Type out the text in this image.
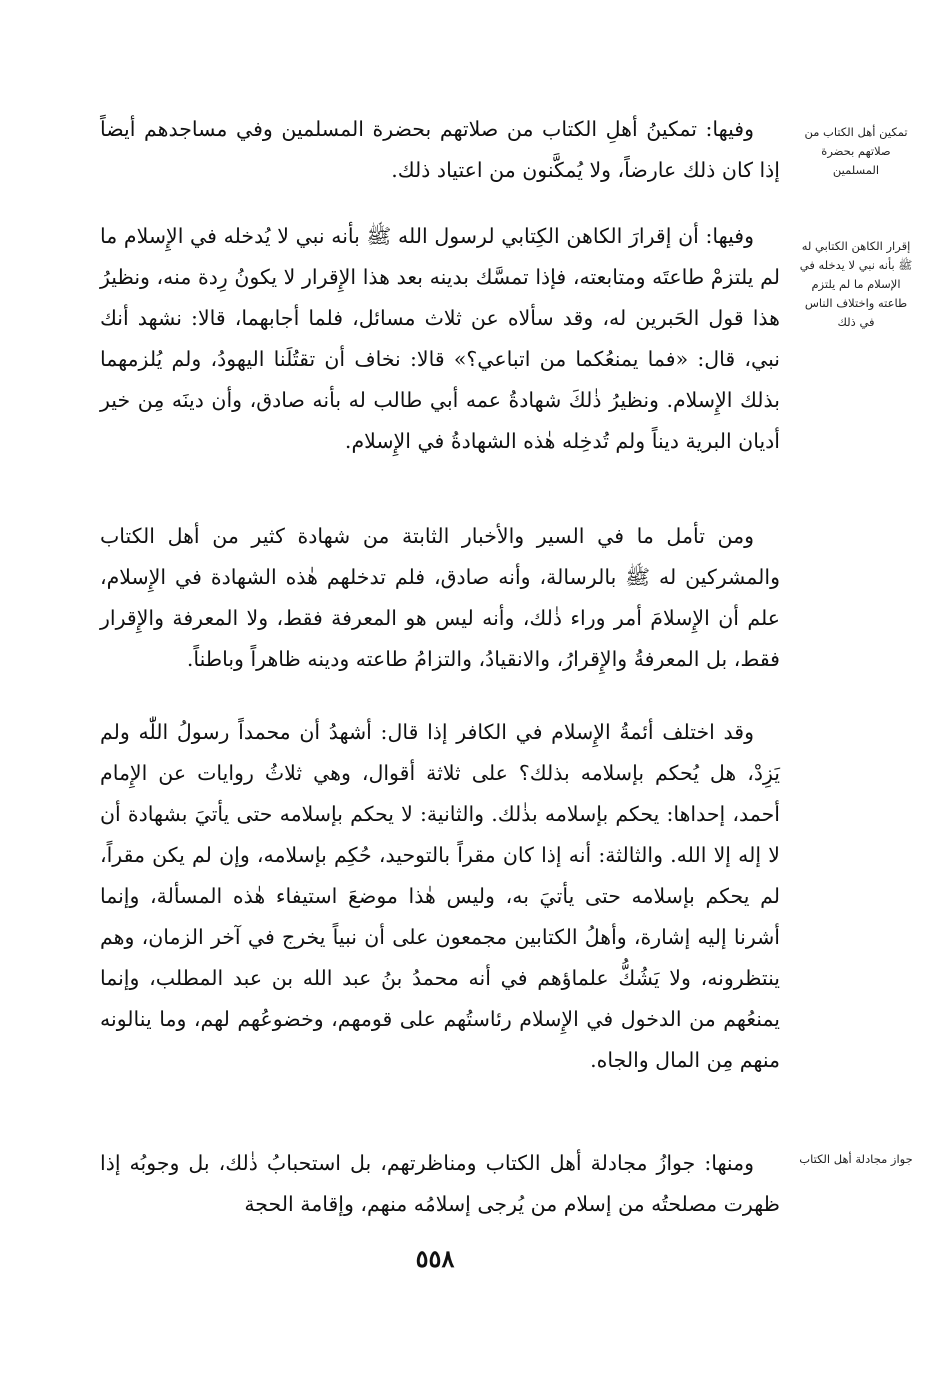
وفيها: تمكينُ أهلِ الكتاب من صلاتهم بحضرة المسلمين وفي مساجدهم أيضاً إذا كان ذلك عارضاً، ولا يُمكَّنون من اعتياد ذلك.

وفيها: أن إقرارَ الكاهن الكِتابي لرسول الله ﷺ بأنه نبي لا يُدخله في الإِسلام ما لم يلتزمْ طاعتَه ومتابعته، فإذا تمسَّك بدينه بعد هذا الإِقرار لا يكونُ رِدة منه، ونظيرُ هذا قول الحَبرين له، وقد سألاه عن ثلاث مسائل، فلما أجابهما، قالا: نشهد أنك نبي، قال: «فما يمنعُكما من اتباعي؟» قالا: نخاف أن تقتُلَنا اليهودُ، ولم يُلزمهما بذلك الإِسلام. ونظيرُ ذٰلكَ شهادةُ عمه أبي طالب له بأنه صادق، وأن دينَه مِن خير أديان البرية ديناً ولم تُدخِله هٰذه الشهادةُ في الإِسلام.

ومن تأمل ما في السير والأخبار الثابتة من شهادة كثير من أهل الكتاب والمشركين له ﷺ بالرسالة، وأنه صادق، فلم تدخلهم هٰذه الشهادة في الإِسلام، علم أن الإِسلامَ أمر وراء ذٰلك، وأنه ليس هو المعرفة فقط، ولا المعرفة والإِقرار فقط، بل المعرفةُ والإِقرارُ، والانقيادُ، والتزامُ طاعته ودينه ظاهراً وباطناً.

وقد اختلف أئمةُ الإِسلام في الكافر إذا قال: أشهدُ أن محمداً رسولُ اللّٰه ولم يَزِدْ، هل يُحكم بإسلامه بذلك؟ على ثلاثة أقوال، وهي ثلاثُ روايات عن الإِمام أحمد، إحداها: يحكم بإسلامه بذٰلك. والثانية: لا يحكم بإسلامه حتى يأتيَ بشهادة أن لا إله إلا الله. والثالثة: أنه إذا كان مقراً بالتوحيد، حُكِم بإسلامه، وإن لم يكن مقراً، لم يحكم بإسلامه حتى يأتيَ به، وليس هٰذا موضعَ استيفاء هٰذه المسألة، وإنما أشرنا إليه إشارة، وأهلُ الكتابين مجمعون على أن نبياً يخرج في آخر الزمان، وهم ينتظرونه، ولا يَشُكُّ علماؤهم في أنه محمدُ بنُ عبد الله بن عبد المطلب، وإنما يمنعُهم من الدخول في الإِسلام رئاستُهم على قومهم، وخضوعُهم لهم، وما ينالونه منهم مِن المال والجاه.

ومنها: جوازُ مجادلة أهل الكتاب ومناظرتهم، بل استحبابُ ذٰلك، بل وجوبُه إذا ظهرت مصلحتُه من إسلام من يُرجى إسلامُه منهم، وإقامة الحجة

تمكين أهل الكتاب من صلاتهم بحضرة المسلمين
إقرار الكاهن الكتابي له ﷺ بأنه نبي لا يدخله في الإسلام ما لم يلتزم طاعته واختلاف الناس في ذلك
جواز مجادلة أهل الكتاب
٥٥٨
